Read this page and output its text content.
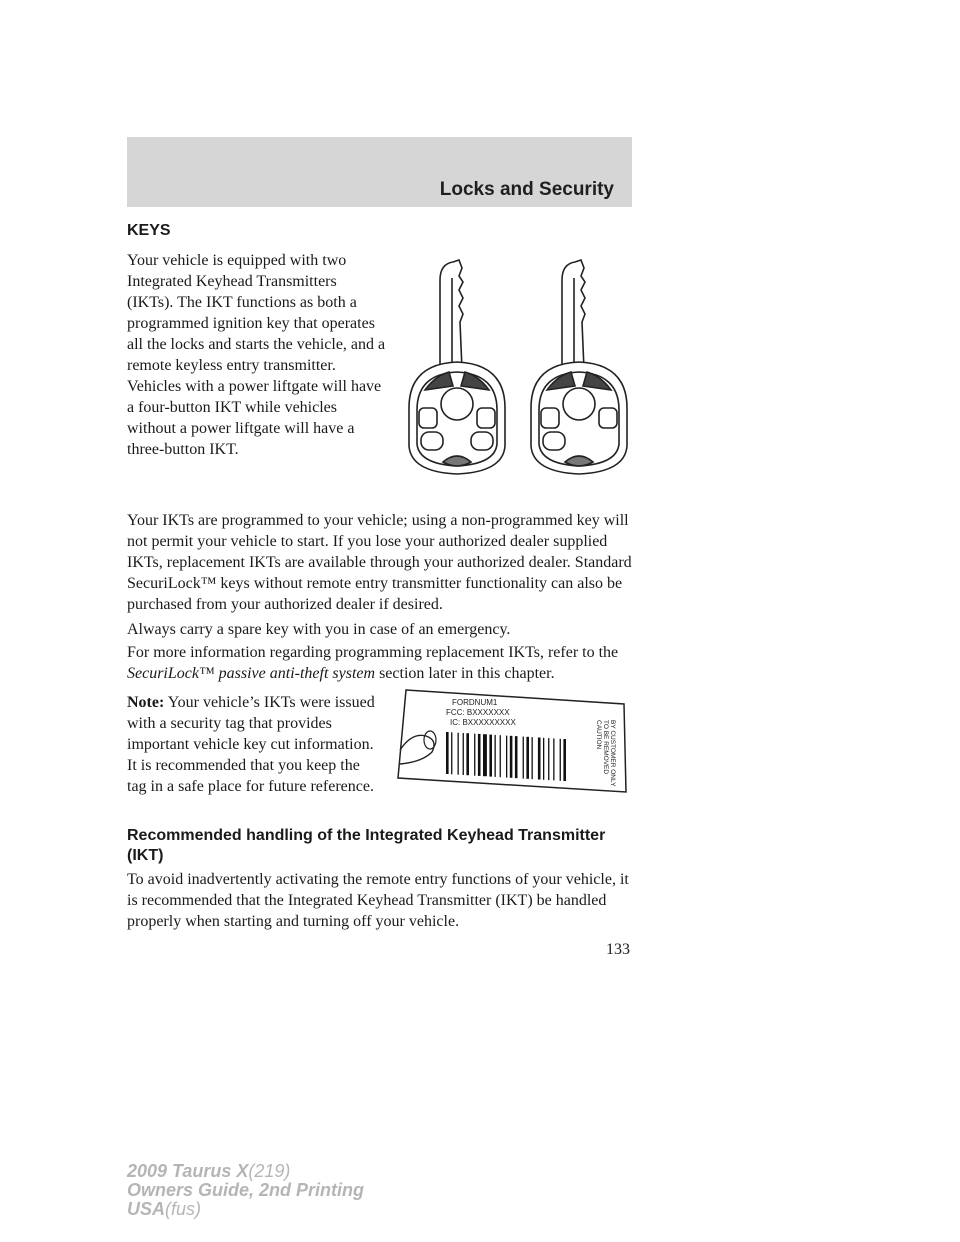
Locks and Security
KEYS

Your vehicle is equipped with two Integrated Keyhead Transmitters (IKTs). The IKT functions as both a programmed ignition key that operates all the locks and starts the vehicle, and a remote keyless entry transmitter. Vehicles with a power liftgate will have a four-button IKT while vehicles without a power liftgate will have a three-button IKT.

Your IKTs are programmed to your vehicle; using a non-programmed key will not permit your vehicle to start. If you lose your authorized dealer supplied IKTs, replacement IKTs are available through your authorized dealer. Standard SecuriLock™ keys without remote entry transmitter functionality can also be purchased from your authorized dealer if desired.

Always carry a spare key with you in case of an emergency.

For more information regarding programming replacement IKTs, refer to the
SecuriLock™ passive anti-theft system section later in this chapter.

Note: Your vehicle’s IKTs were issued with a security tag that provides important vehicle key cut information. It is recommended that you keep the tag in a safe place for future reference.

FORDNUM1
FCC: BXXXXXXX
IC: BXXXXXXXXX	CAUTION TO BE REMOVED BY CUSTOMER ONLY

Recommended handling of the Integrated Keyhead Transmitter (IKT)

To avoid inadvertently activating the remote entry functions of your vehicle, it is recommended that the Integrated Keyhead Transmitter (IKT) be handled properly when starting and turning off your vehicle.

133
2009 Taurus X(219)
Owners Guide, 2nd Printing
USA(fus)
